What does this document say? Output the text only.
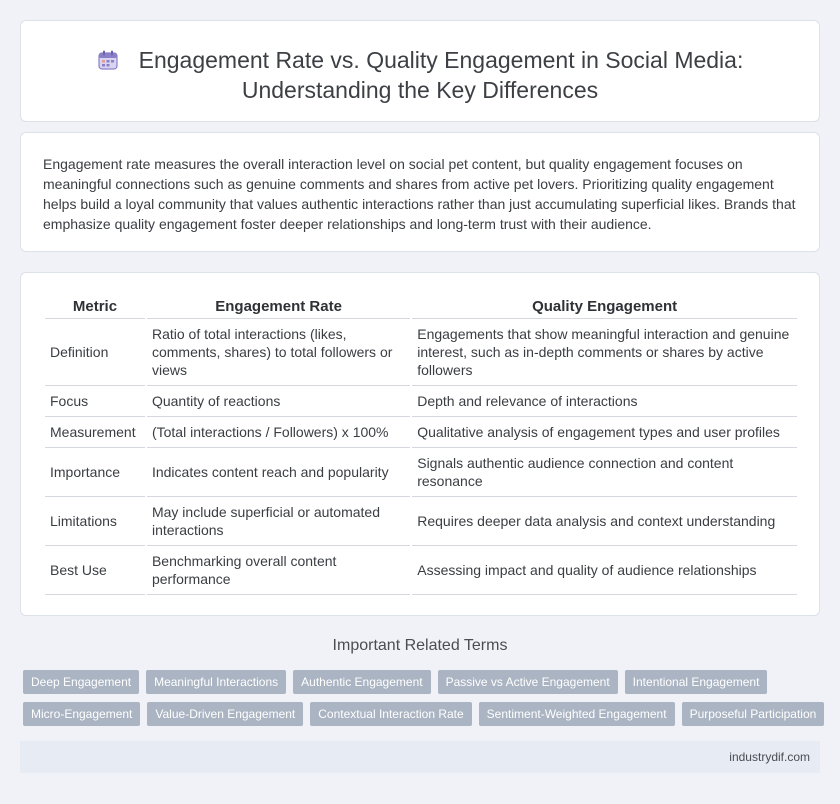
Engagement Rate vs. Quality Engagement in Social Media:
Understanding the Key Differences

Engagement rate measures the overall interaction level on social pet content, but quality engagement focuses on meaningful connections such as genuine comments and shares from active pet lovers. Prioritizing quality engagement helps build a loyal community that values authentic interactions rather than just accumulating superficial likes. Brands that emphasize quality engagement foster deeper relationships and long-term trust with their audience.

Metric	Engagement Rate	Quality Engagement
Definition	Ratio of total interactions (likes, comments, shares) to total followers or views	Engagements that show meaningful interaction and genuine interest, such as in-depth comments or shares by active followers
Focus	Quantity of reactions	Depth and relevance of interactions
Measurement	(Total interactions / Followers) x 100%	Qualitative analysis of engagement types and user profiles
Importance	Indicates content reach and popularity	Signals authentic audience connection and content resonance
Limitations	May include superficial or automated interactions	Requires deeper data analysis and context understanding
Best Use	Benchmarking overall content performance	Assessing impact and quality of audience relationships
Important Related Terms
Deep Engagement	Meaningful Interactions	Authentic Engagement	Passive vs Active Engagement	Intentional Engagement
Micro-Engagement	Value-Driven Engagement	Contextual Interaction Rate	Sentiment-Weighted Engagement	Purposeful Participation
industrydif.com
